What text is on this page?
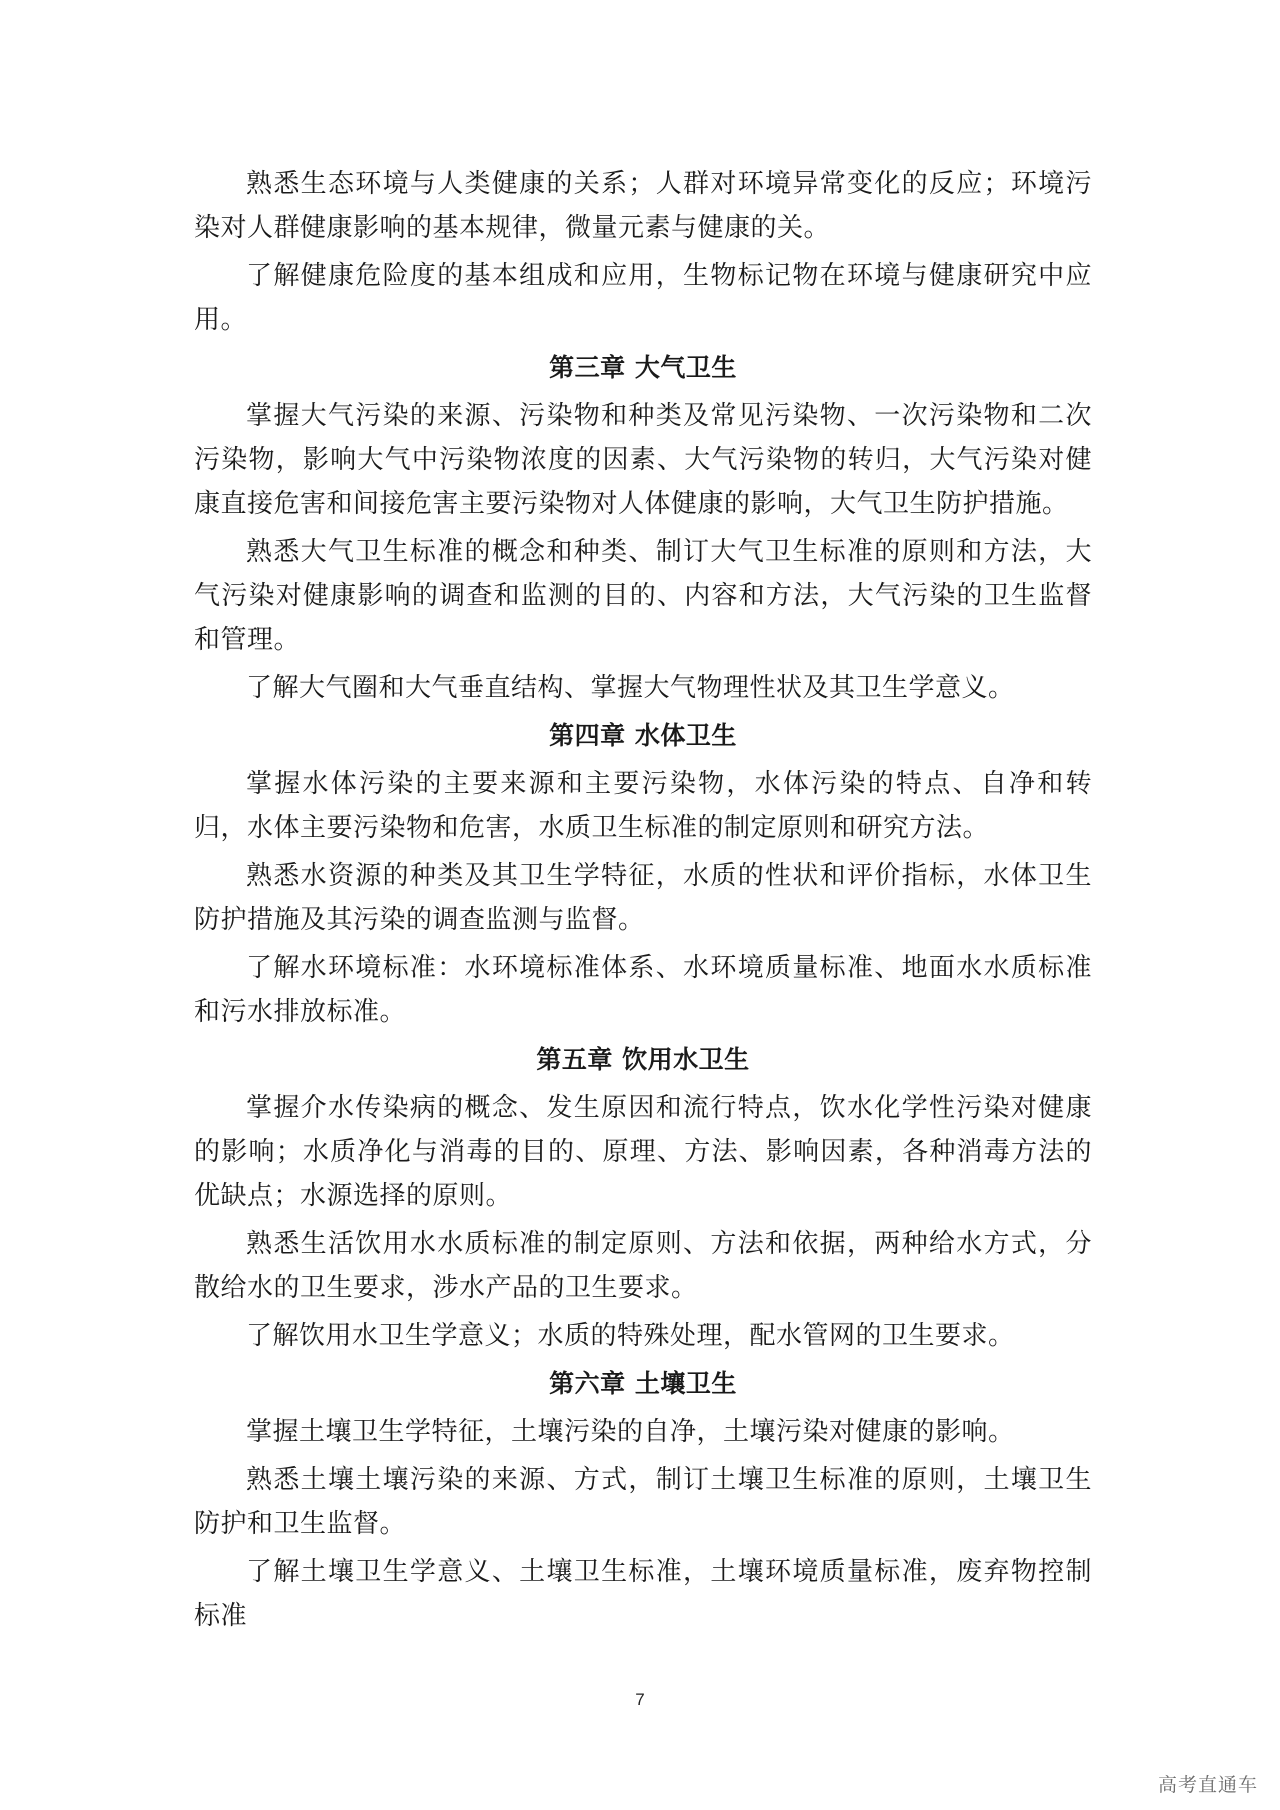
熟悉生态环境与人类健康的关系；人群对环境异常变化的反应；环境污染对人群健康影响的基本规律，微量元素与健康的关。

了解健康危险度的基本组成和应用，生物标记物在环境与健康研究中应用。

第三章 大气卫生

掌握大气污染的来源、污染物和种类及常见污染物、一次污染物和二次污染物，影响大气中污染物浓度的因素、大气污染物的转归，大气污染对健康直接危害和间接危害主要污染物对人体健康的影响，大气卫生防护措施。

熟悉大气卫生标准的概念和种类、制订大气卫生标准的原则和方法，大气污染对健康影响的调查和监测的目的、内容和方法，大气污染的卫生监督和管理。

了解大气圈和大气垂直结构、掌握大气物理性状及其卫生学意义。

第四章 水体卫生

掌握水体污染的主要来源和主要污染物，水体污染的特点、自净和转归，水体主要污染物和危害，水质卫生标准的制定原则和研究方法。

熟悉水资源的种类及其卫生学特征，水质的性状和评价指标，水体卫生防护措施及其污染的调查监测与监督。

了解水环境标准：水环境标准体系、水环境质量标准、地面水水质标准和污水排放标准。

第五章 饮用水卫生

掌握介水传染病的概念、发生原因和流行特点，饮水化学性污染对健康的影响；水质净化与消毒的目的、原理、方法、影响因素，各种消毒方法的优缺点；水源选择的原则。

熟悉生活饮用水水质标准的制定原则、方法和依据，两种给水方式，分散给水的卫生要求，涉水产品的卫生要求。

了解饮用水卫生学意义；水质的特殊处理，配水管网的卫生要求。

第六章 土壤卫生

掌握土壤卫生学特征，土壤污染的自净，土壤污染对健康的影响。

熟悉土壤土壤污染的来源、方式，制订土壤卫生标准的原则，土壤卫生防护和卫生监督。

了解土壤卫生学意义、土壤卫生标准，土壤环境质量标准，废弃物控制标准

7
高考直通车
